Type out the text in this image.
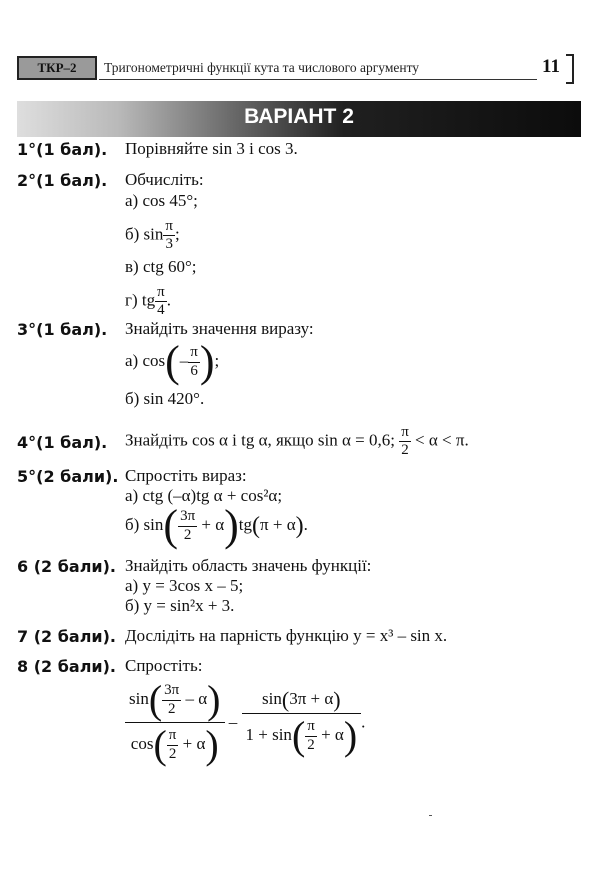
ТКР–2	Тригонометричні функції кута та числового аргументу	11
ВАРІАНТ 2
1°(1 бал). Порівняйте sin 3 і cos 3.
2°(1 бал). Обчисліть:
а) cos 45°;
б) $\sin \frac{\pi}{3}$ ;
в) ctg 60°;
г) tg $\frac{\pi}{4}$ .
3°(1 бал). Знайдіть значення виразу:
а) $\cos(- \frac{\pi}{6}$ );
б) sin 420°.
4°(1 бал). Знайдіть cos α і tg α, якщо sin α = 0,6; $\frac{\pi}{2} < \alpha < \pi$.
5°(2 бали). Спростіть вираз:
а) ctg (–α)tg α + cos²α;
б) $\sin( \frac{3\pi}{2} + \alpha)tg(\pi + \alpha)$.
6 (2 бали). Знайдіть область значень функції:
а) y = 3cos x – 5;
б) y = sin²x + 3.
7 (2 бали). Дослідіть на парність функцію y = x³ – sin x.
8 (2 бали). Спростіть:
$\frac{\sin( \frac{3\pi}{2} - \alpha)}{\cos( \frac{\pi}{2} + \alpha)} - \frac{\sin(3\pi + \alpha)}{1 + \sin( \frac{\pi}{2} + \alpha)}$ .
